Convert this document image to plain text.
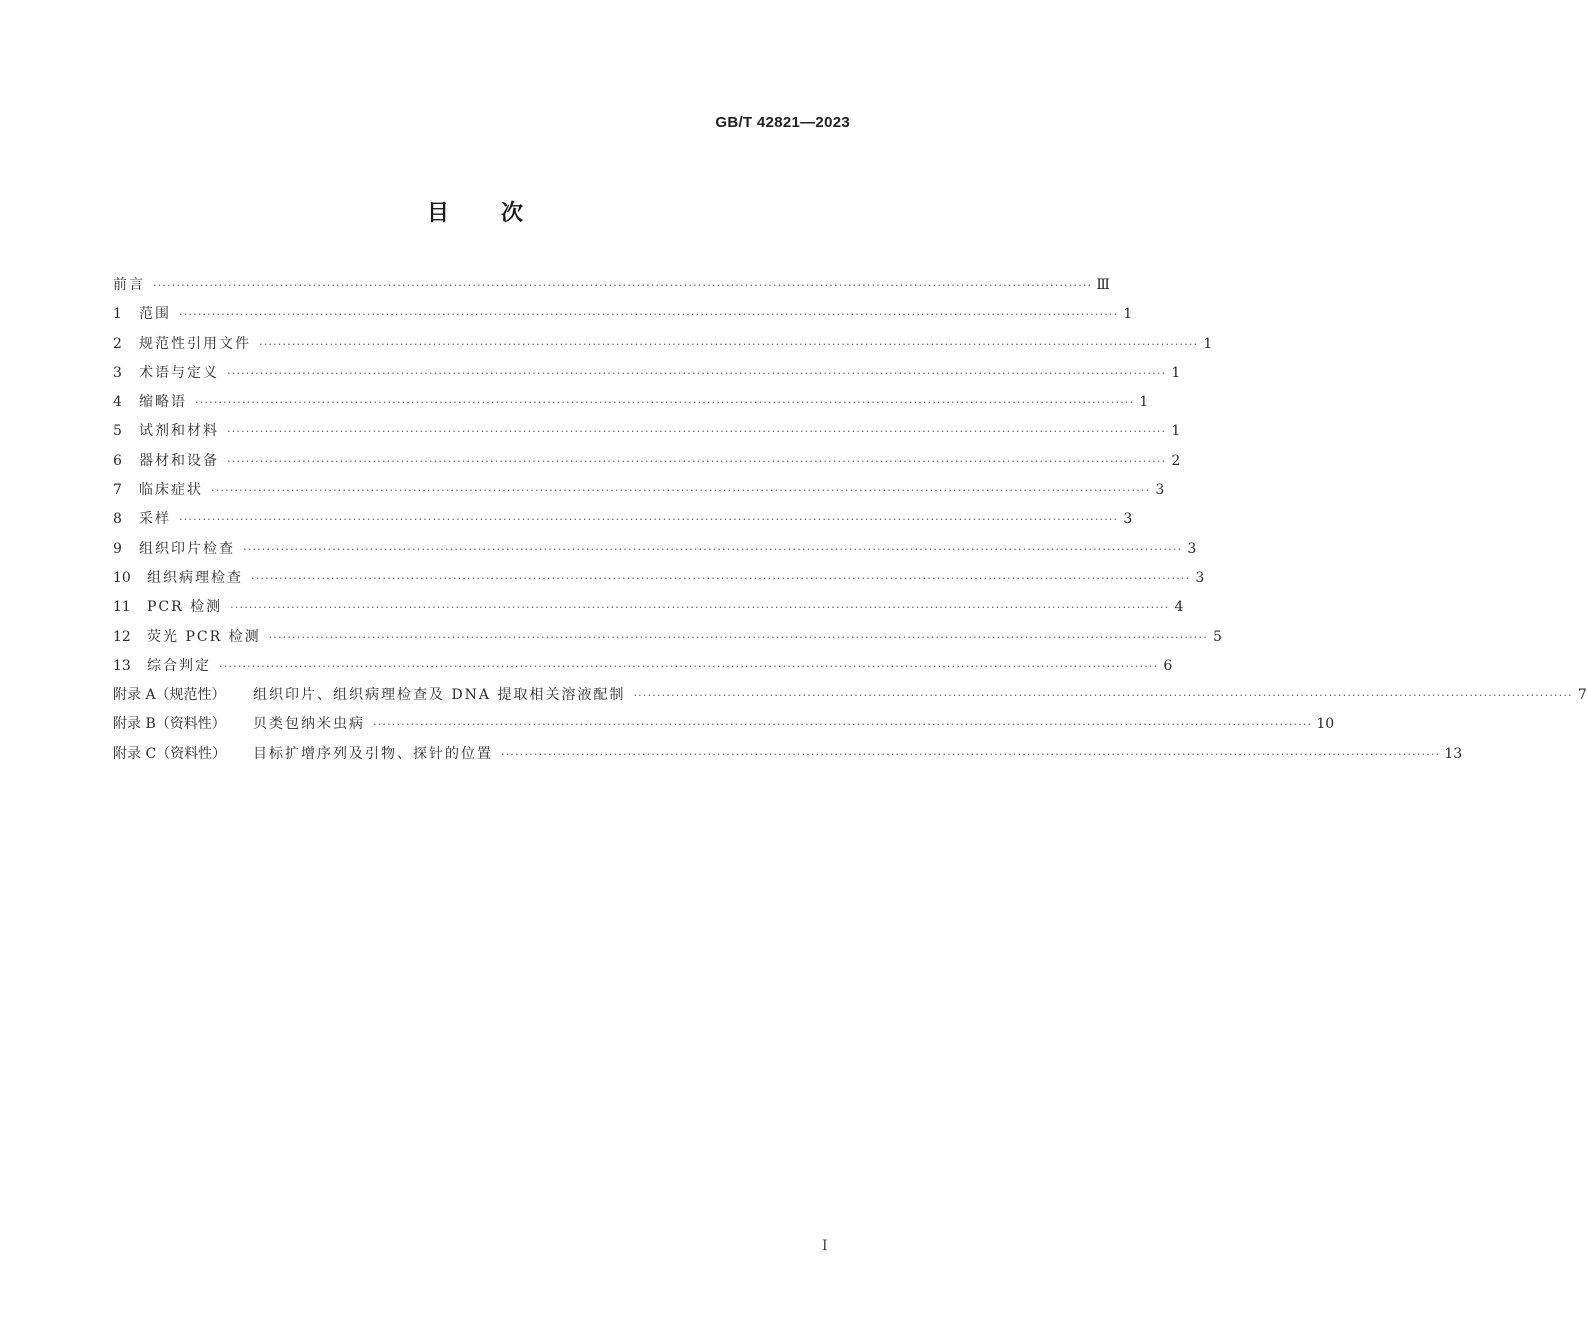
GB/T 42821—2023
目次
前言 ········································································································································································································ Ⅲ
1	范围 ········································································································································································································ 1
2	规范性引用文件 ········································································································································································································ 1
3	术语与定义 ········································································································································································································ 1
4	缩略语 ········································································································································································································ 1
5	试剂和材料 ········································································································································································································ 1
6	器材和设备 ········································································································································································································ 2
7	临床症状 ········································································································································································································ 3
8	采样 ········································································································································································································ 3
9	组织印片检查 ········································································································································································································ 3
10	组织病理检查 ········································································································································································································ 3
11	PCR 检测 ········································································································································································································ 4
12	荧光 PCR 检测 ········································································································································································································ 5
13	综合判定 ········································································································································································································ 6
附录 A（规范性）	组织印片、组织病理检查及 DNA 提取相关溶液配制 ········································································································································································································ 7
附录 B（资料性）	贝类包纳米虫病 ········································································································································································································ 10
附录 C（资料性）	目标扩增序列及引物、探针的位置 ········································································································································································································ 13
I
